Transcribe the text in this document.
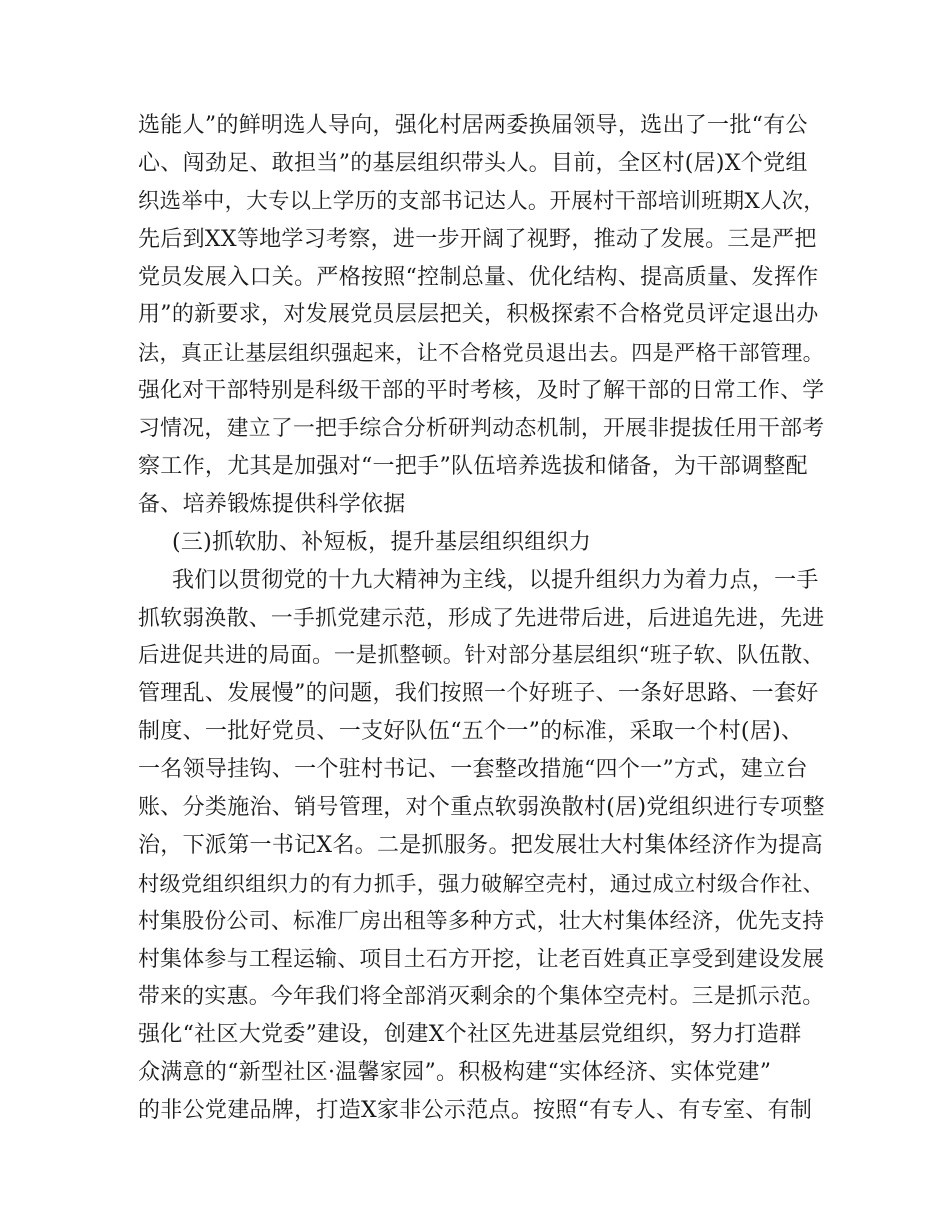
选能人”的鲜明选人导向，强化村居两委换届领导，选出了一批“有公
心、闯劲足、敢担当”的基层组织带头人。目前，全区村(居)X个党组
织选举中，大专以上学历的支部书记达人。开展村干部培训班期X人次，
先后到XX等地学习考察，进一步开阔了视野，推动了发展。三是严把
党员发展入口关。严格按照“控制总量、优化结构、提高质量、发挥作
用”的新要求，对发展党员层层把关，积极探索不合格党员评定退出办
法，真正让基层组织强起来，让不合格党员退出去。四是严格干部管理。
强化对干部特别是科级干部的平时考核，及时了解干部的日常工作、学
习情况，建立了一把手综合分析研判动态机制，开展非提拔任用干部考
察工作，尤其是加强对“一把手”队伍培养选拔和储备，为干部调整配
备、培养锻炼提供科学依据
(三)抓软肋、补短板，提升基层组织组织力
我们以贯彻党的十九大精神为主线，以提升组织力为着力点，一手
抓软弱涣散、一手抓党建示范，形成了先进带后进，后进追先进，先进
后进促共进的局面。一是抓整顿。针对部分基层组织“班子软、队伍散、
管理乱、发展慢”的问题，我们按照一个好班子、一条好思路、一套好
制度、一批好党员、一支好队伍“五个一”的标准，采取一个村(居)、
一名领导挂钩、一个驻村书记、一套整改措施“四个一”方式，建立台
账、分类施治、销号管理，对个重点软弱涣散村(居)党组织进行专项整
治，下派第一书记X名。二是抓服务。把发展壮大村集体经济作为提高
村级党组织组织力的有力抓手，强力破解空壳村，通过成立村级合作社、
村集股份公司、标准厂房出租等多种方式，壮大村集体经济，优先支持
村集体参与工程运输、项目土石方开挖，让老百姓真正享受到建设发展
带来的实惠。今年我们将全部消灭剩余的个集体空壳村。三是抓示范。
强化“社区大党委”建设，创建X个社区先进基层党组织，努力打造群
众满意的“新型社区·温馨家园”。积极构建“实体经济、实体党建”
的非公党建品牌，打造X家非公示范点。按照“有专人、有专室、有制
